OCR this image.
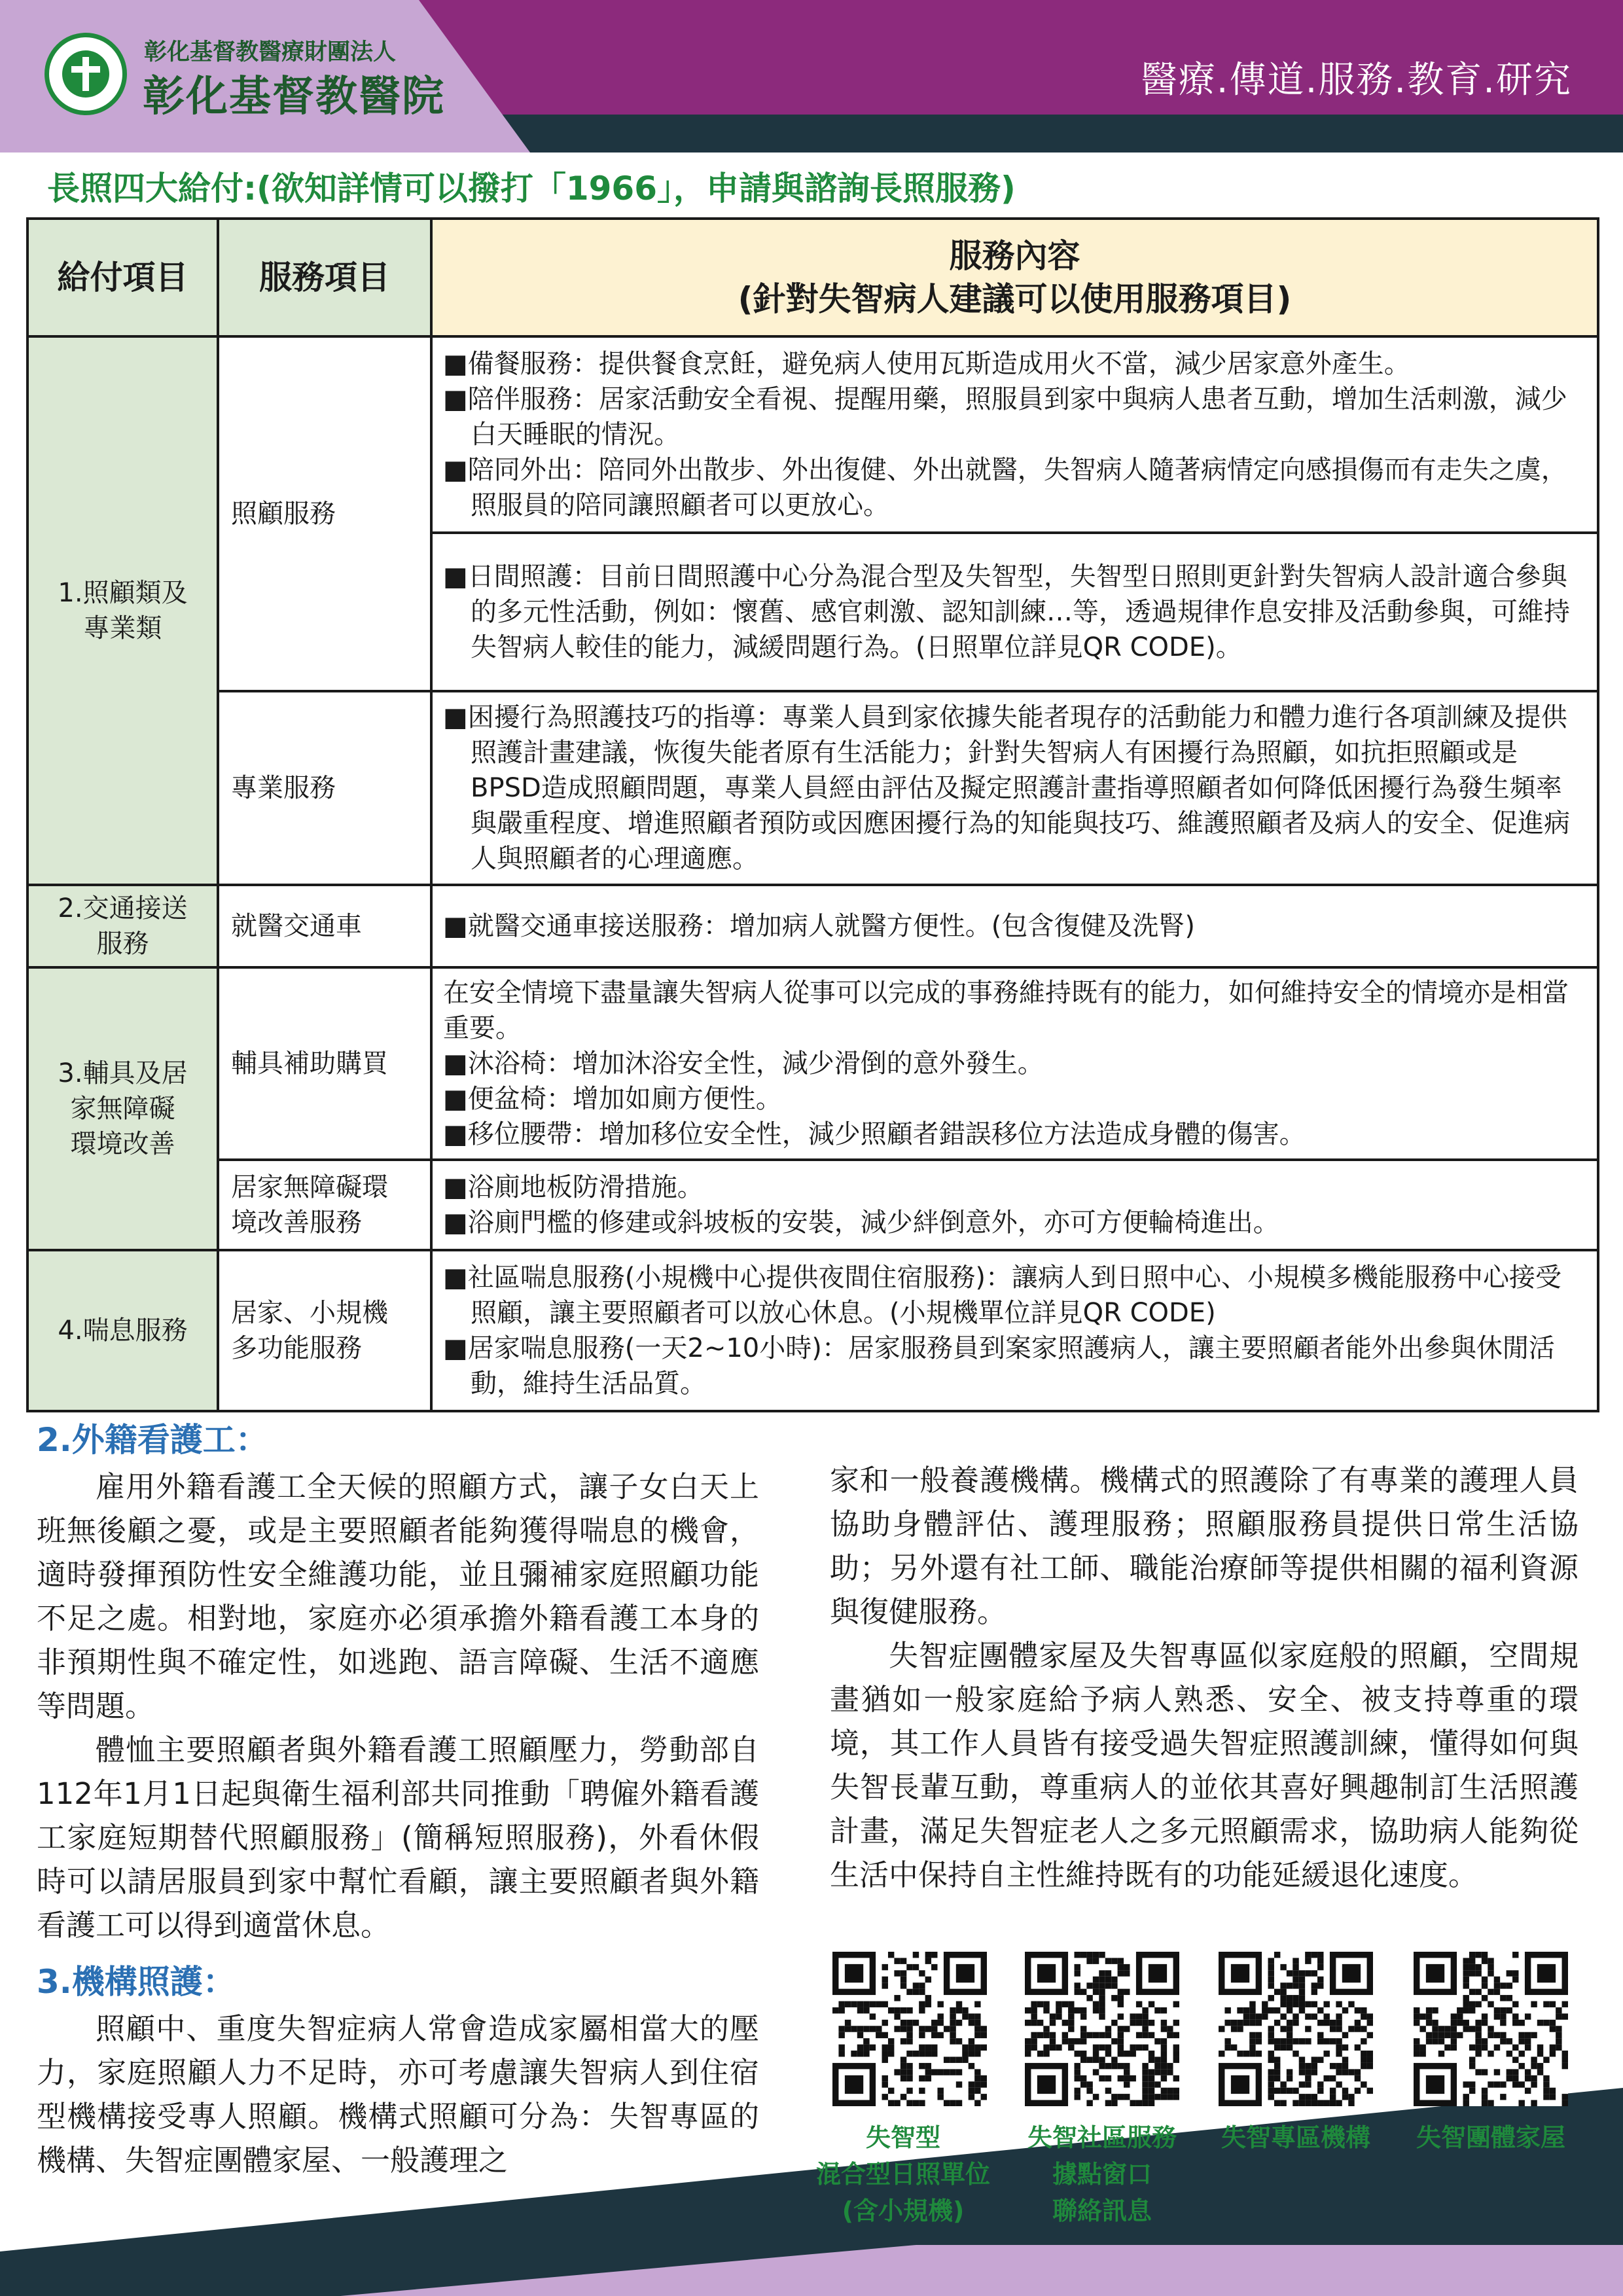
彰化基督教醫療財團法人
彰化基督教醫院	醫療.傳道.服務.教育.研究
長照四大給付:(欲知詳情可以撥打「1966」，申請與諮詢長照服務)
給付項目	服務項目	服務內容
(針對失智病人建議可以使用服務項目)

1.照顧類及
專業類	照顧服務	■備餐服務：提供餐食烹飪，避免病人使用瓦斯造成用火不當，減少居家意外產生。
■陪伴服務：居家活動安全看視、提醒用藥，照服員到家中與病人患者互動，增加生活刺激，減少白天睡眠的情況。
■陪同外出：陪同外出散步、外出復健、外出就醫，失智病人隨著病情定向感損傷而有走失之虞，照服員的陪同讓照顧者可以更放心。

		■日間照護：目前日間照護中心分為混合型及失智型，失智型日照則更針對失智病人設計適合參與的多元性活動，例如：懷舊、感官刺激、認知訓練…等，透過規律作息安排及活動參與，可維持失智病人較佳的能力，減緩問題行為。(日照單位詳見QR CODE)。

	專業服務	■困擾行為照護技巧的指導：專業人員到家依據失能者現存的活動能力和體力進行各項訓練及提供照護計畫建議，恢復失能者原有生活能力；針對失智病人有困擾行為照顧，如抗拒照顧或是BPSD造成照顧問題，專業人員經由評估及擬定照護計畫指導照顧者如何降低困擾行為發生頻率與嚴重程度、增進照顧者預防或因應困擾行為的知能與技巧、維護照顧者及病人的安全、促進病人與照顧者的心理適應。

2.交通接送
服務	就醫交通車	■就醫交通車接送服務：增加病人就醫方便性。(包含復健及洗腎)

3.輔具及居
家無障礙
環境改善	輔具補助購買	在安全情境下盡量讓失智病人從事可以完成的事務維持既有的能力，如何維持安全的情境亦是相當重要。
■沐浴椅：增加沐浴安全性，減少滑倒的意外發生。
■便盆椅：增加如廁方便性。
■移位腰帶：增加移位安全性，減少照顧者錯誤移位方法造成身體的傷害。

	居家無障礙環
境改善服務	■浴廁地板防滑措施。
■浴廁門檻的修建或斜坡板的安裝，減少絆倒意外，亦可方便輪椅進出。

4.喘息服務	居家、小規機
多功能服務	■社區喘息服務(小規機中心提供夜間住宿服務)：讓病人到日照中心、小規模多機能服務中心接受照顧，讓主要照顧者可以放心休息。(小規機單位詳見QR CODE)
■居家喘息服務(一天2~10小時)：居家服務員到案家照護病人，讓主要照顧者能外出參與休閒活動，維持生活品質。
2.外籍看護工：
雇用外籍看護工全天候的照顧方式，讓子女白天上班無後顧之憂，或是主要照顧者能夠獲得喘息的機會，適時發揮預防性安全維護功能，並且彌補家庭照顧功能不足之處。相對地，家庭亦必須承擔外籍看護工本身的非預期性與不確定性，如逃跑、語言障礙、生活不適應等問題。
體恤主要照顧者與外籍看護工照顧壓力，勞動部自112年1月1日起與衛生福利部共同推動「聘僱外籍看護工家庭短期替代照顧服務」(簡稱短照服務)，外看休假時可以請居服員到家中幫忙看顧，讓主要照顧者與外籍看護工可以得到適當休息。
3.機構照護：
照顧中、重度失智症病人常會造成家屬相當大的壓力，家庭照顧人力不足時，亦可考慮讓失智病人到住宿型機構接受專人照顧。機構式照顧可分為：失智專區的機構、失智症團體家屋、一般護理之
家和一般養護機構。機構式的照護除了有專業的護理人員協助身體評估、護理服務；照顧服務員提供日常生活協助；另外還有社工師、職能治療師等提供相關的福利資源與復健服務。
失智症團體家屋及失智專區似家庭般的照顧，空間規畫猶如一般家庭給予病人熟悉、安全、被支持尊重的環境，其工作人員皆有接受過失智症照護訓練，懂得如何與失智長輩互動，尊重病人的並依其喜好興趣制訂生活照護計畫，滿足失智症老人之多元照顧需求，協助病人能夠從生活中保持自主性維持既有的功能延緩退化速度。
失智型
混合型日照單位
(含小規機)
失智社區服務
據點窗口
聯絡訊息
失智專區機構	失智團體家屋
